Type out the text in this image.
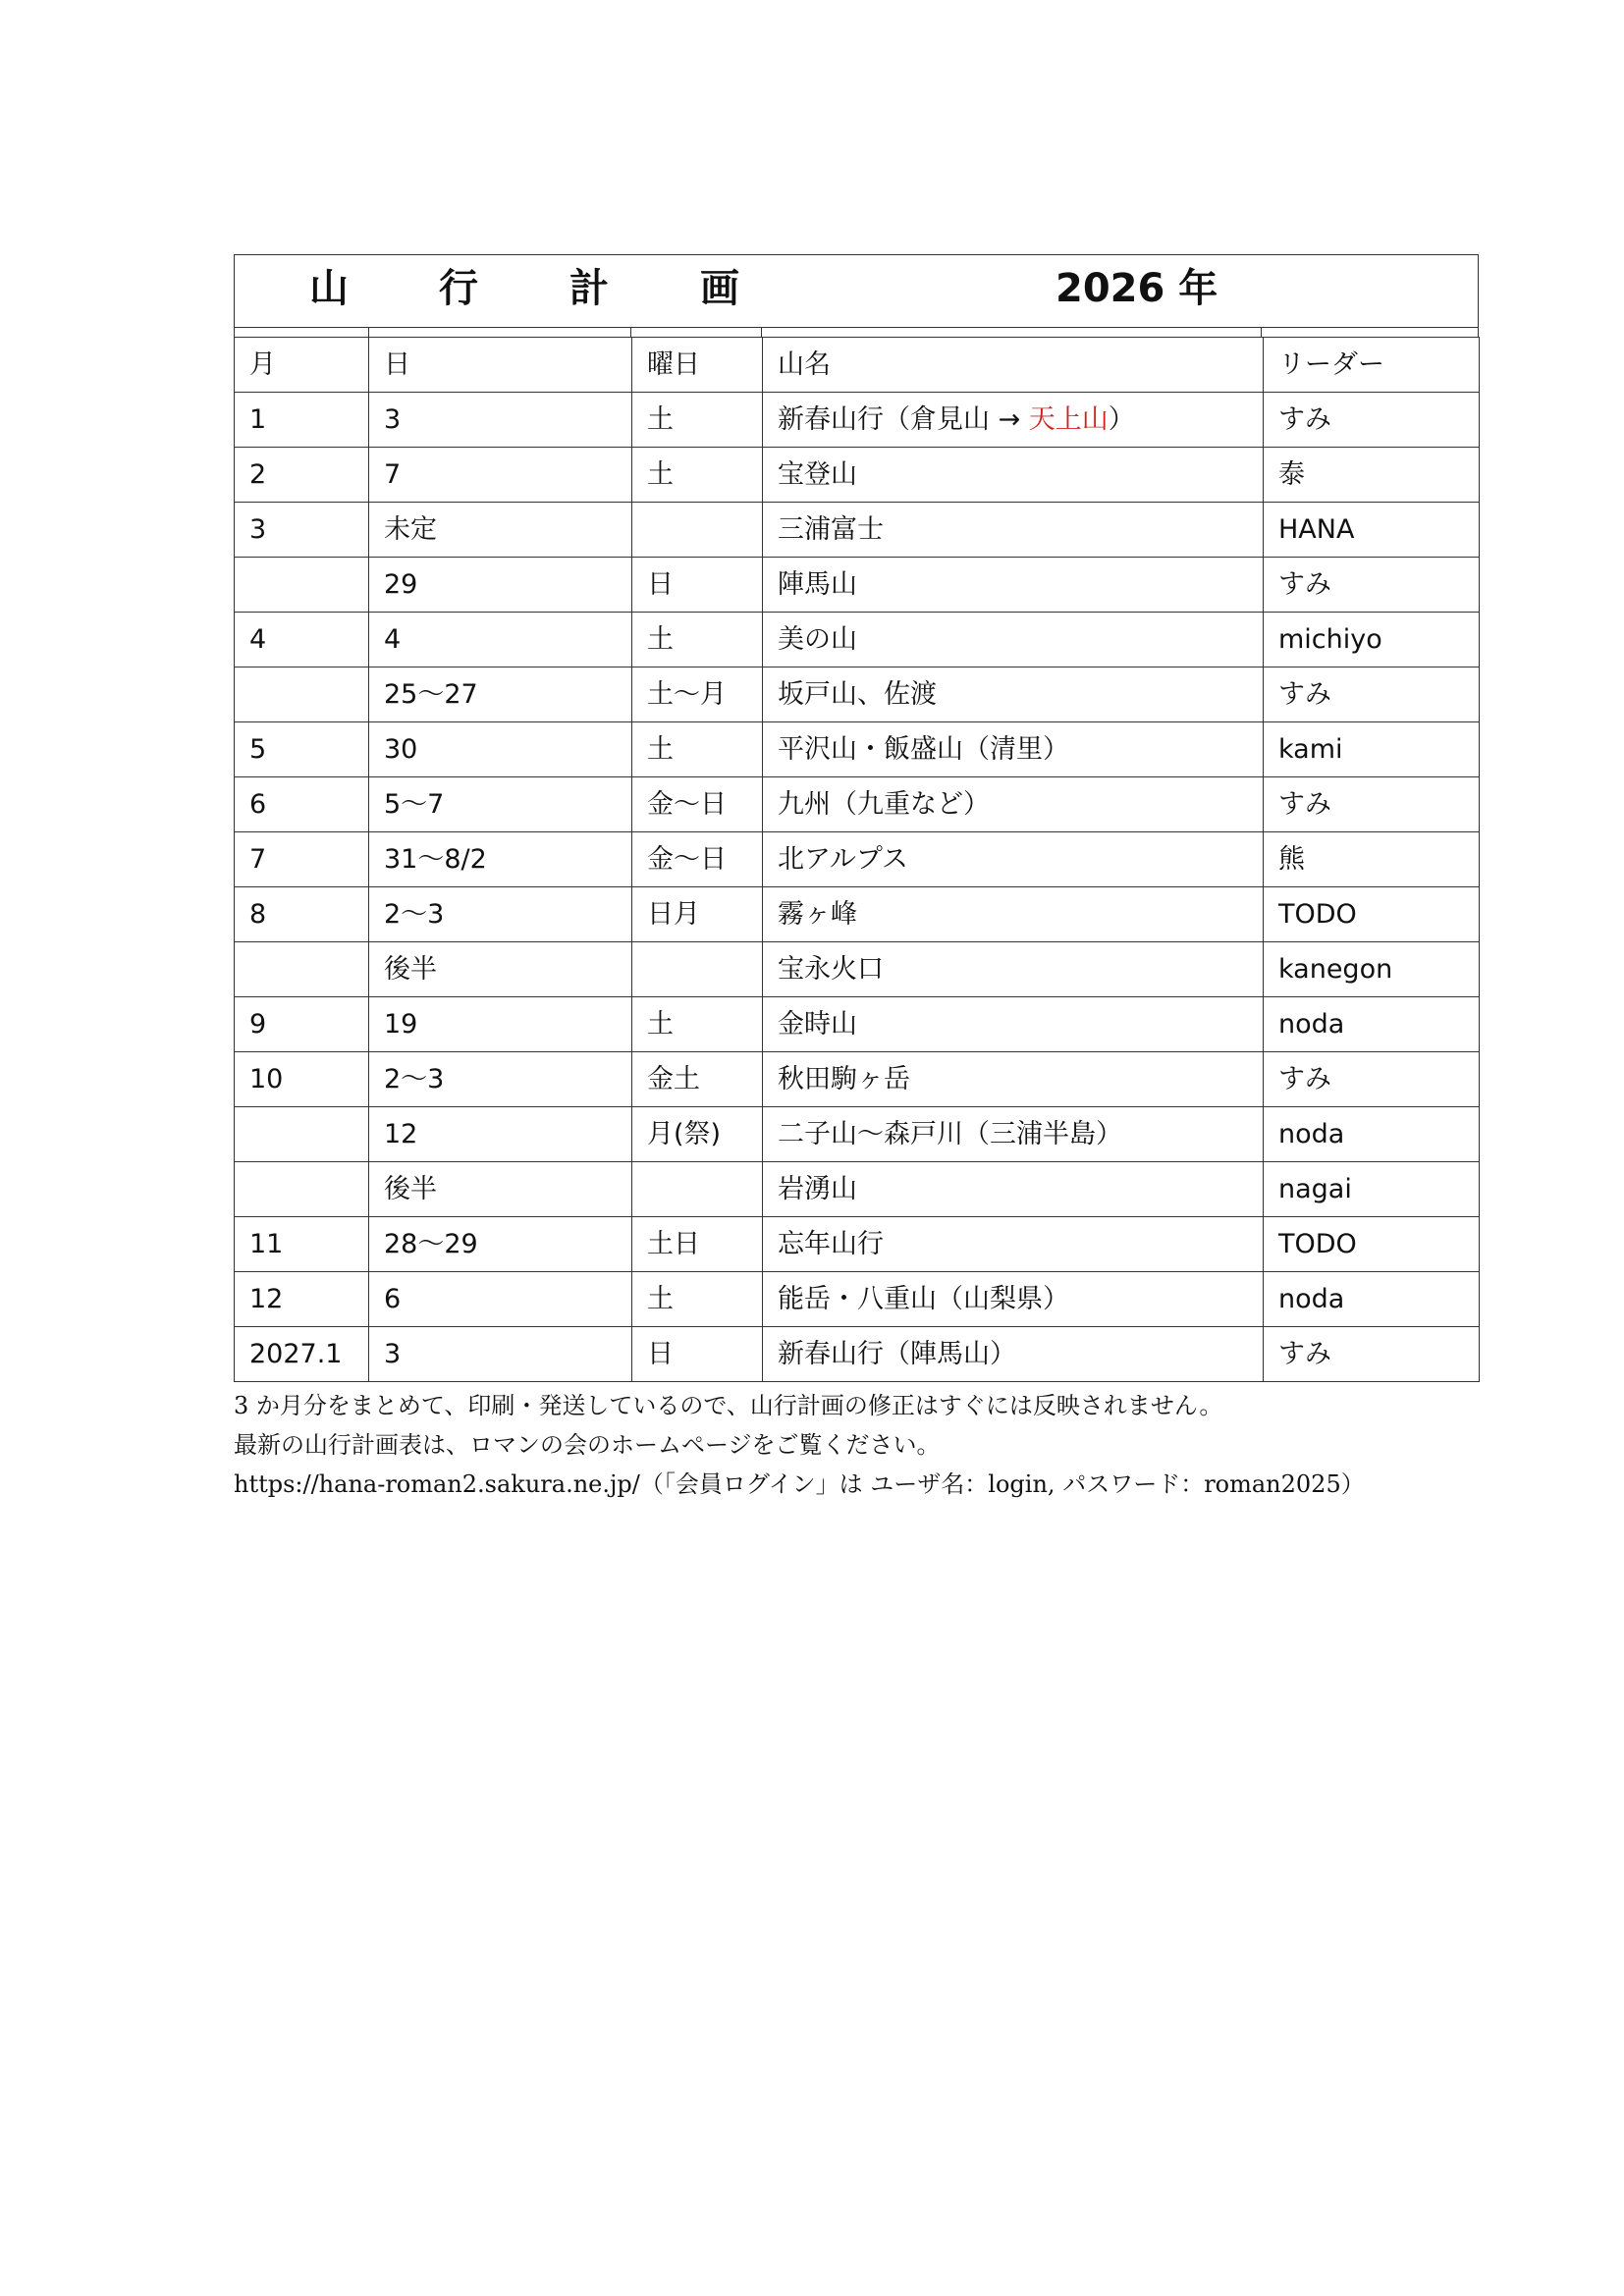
山 行 計 画	2026 年
月	日	曜日	山名	リーダー
1	3	土	新春山行（倉見山 → 天上山）	すみ
2	7	土	宝登山	泰
3	未定		三浦富士	HANA
	29	日	陣馬山	すみ
4	4	土	美の山	michiyo
	25～27	土～月	坂戸山、佐渡	すみ
5	30	土	平沢山・飯盛山（清里）	kami
6	5～7	金～日	九州（九重など）	すみ
7	31～8/2	金～日	北アルプス	熊
8	2～3	日月	霧ヶ峰	TODO
	後半		宝永火口	kanegon
9	19	土	金時山	noda
10	2～3	金土	秋田駒ヶ岳	すみ
	12	月(祭)	二子山～森戸川（三浦半島）	noda
	後半		岩湧山	nagai
11	28～29	土日	忘年山行	TODO
12	6	土	能岳・八重山（山梨県）	noda
2027.1	3	日	新春山行（陣馬山）	すみ
3 か月分をまとめて、印刷・発送しているので、山行計画の修正はすぐには反映されません。
最新の山行計画表は、ロマンの会のホームページをご覧ください。
https://hana-roman2.sakura.ne.jp/（「会員ログイン」は ユーザ名：login, パスワード：roman2025）
